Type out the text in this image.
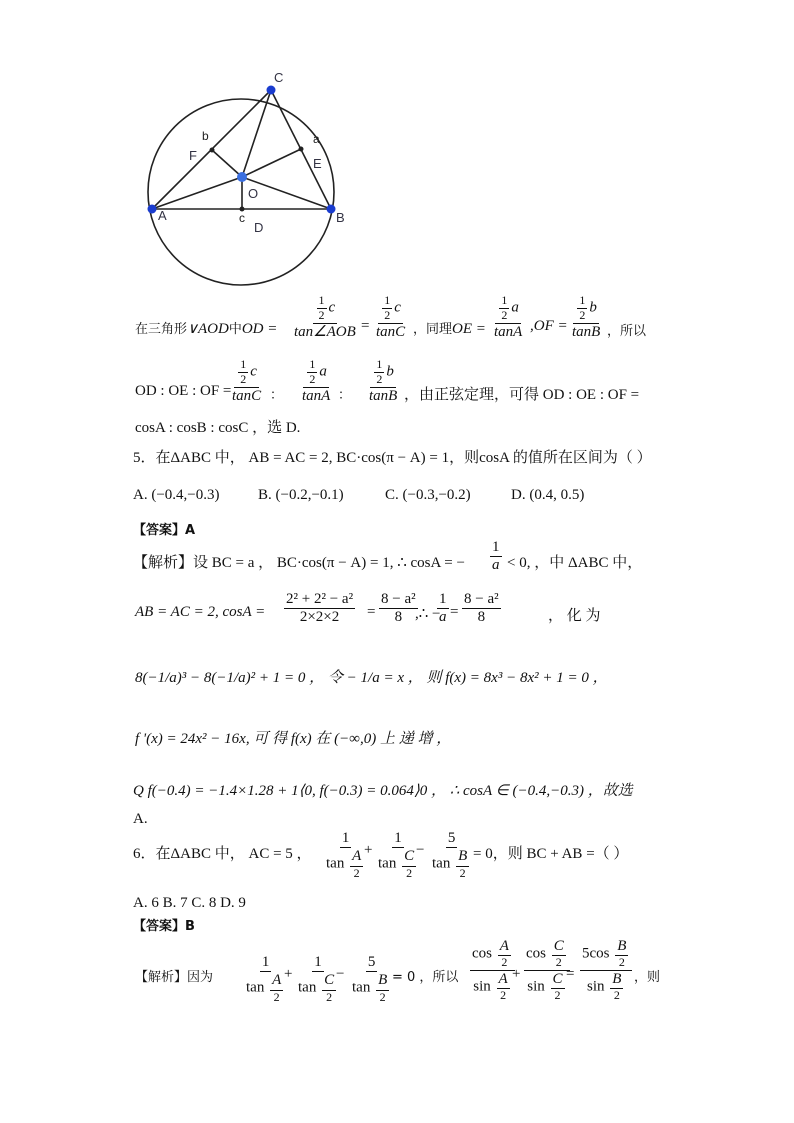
C
A	B
O
D
E
F
b	a
c
在三角形∨AOD中OD = $\frac{\frac{1}{2} c}{\text{tan∠AOB}} = \frac{\frac{1}{2} c}{\tan C}$ ，同理OE = $\frac{\frac{1}{2} a}{\tan A} ,OF = \frac{\frac{1}{2} b}{\tan B}$ ，所以
OD : OE : OF =
$\frac{\frac{1}{2} c}{\tan C}$ ： $\frac{\frac{1}{2} a}{\tan A}$ ： $\frac{\frac{1}{2} b}{\tan B}$ ，由正弦定理，可得 OD : OE : OF =
cosA : cosB : cosC ，选 D.
5．在ΔABC 中， AB = AC = 2, BC·cos(π − A) = 1，则cosA 的值所在区间为（ ）
A. (−0.4,−0.3)	B. (−0.2,−0.1)	C. (−0.3,−0.2)	D. (0.4, 0.5)
【答案】A
【解析】设 BC = a ， BC·cos(π − A) = 1, ∴ cosA = − $\frac{1}{a} < 0$, ，中 ΔABC 中，
AB = AC = 2, $\cos A = \frac{\text{2² + 2² − a²}}{2\times 2\times 2} = \frac{\text{8 − a²}}{8}$
,∴ −
$\frac{1}{a} = \frac{\text{8 − a²}}{8}$	， 化 为
8(−1/a)³ − 8(−1/a)² + 1 = 0 ， 令 − 1/a = x ， 则 f(x) = 8x³ − 8x² + 1 = 0 ，
f '(x) = 24x² − 16x, 可 得 f(x) 在 (−∞,0) 上 递 增 ，
Q f(−0.4) = −1.4×1.28 + 1⟨0, f(−0.3) = 0.064⟩0 ， ∴ cosA ∈ (−0.4,−0.3) ，故选
A.
6．在ΔABC 中， AC = 5 ， $\frac{1}{\tan \frac{A}{2}}$
+ $\frac{1}{\tan \frac{C}{2}}$
− $\frac{5}{\tan \frac{B}{2}} = 0$，则 BC + AB =（ ）
A. 6 B. 7 C. 8 D. 9
【答案】B
【解析】因为 $\frac{1}{\tan \frac{A}{2}}$
+ $\frac{1}{\tan \frac{C}{2}}$
− $\frac{5}{\tan \frac{B}{2}}$
= 0 ，所以 $\frac{\cos \frac{A}{2}}{\sin \frac{A}{2}}$
+ $\frac{\cos \frac{C}{2}}{\sin \frac{C}{2}}$
= $\frac{5\cos \frac{B}{2}}{\sin \frac{B}{2}}$ ，则
